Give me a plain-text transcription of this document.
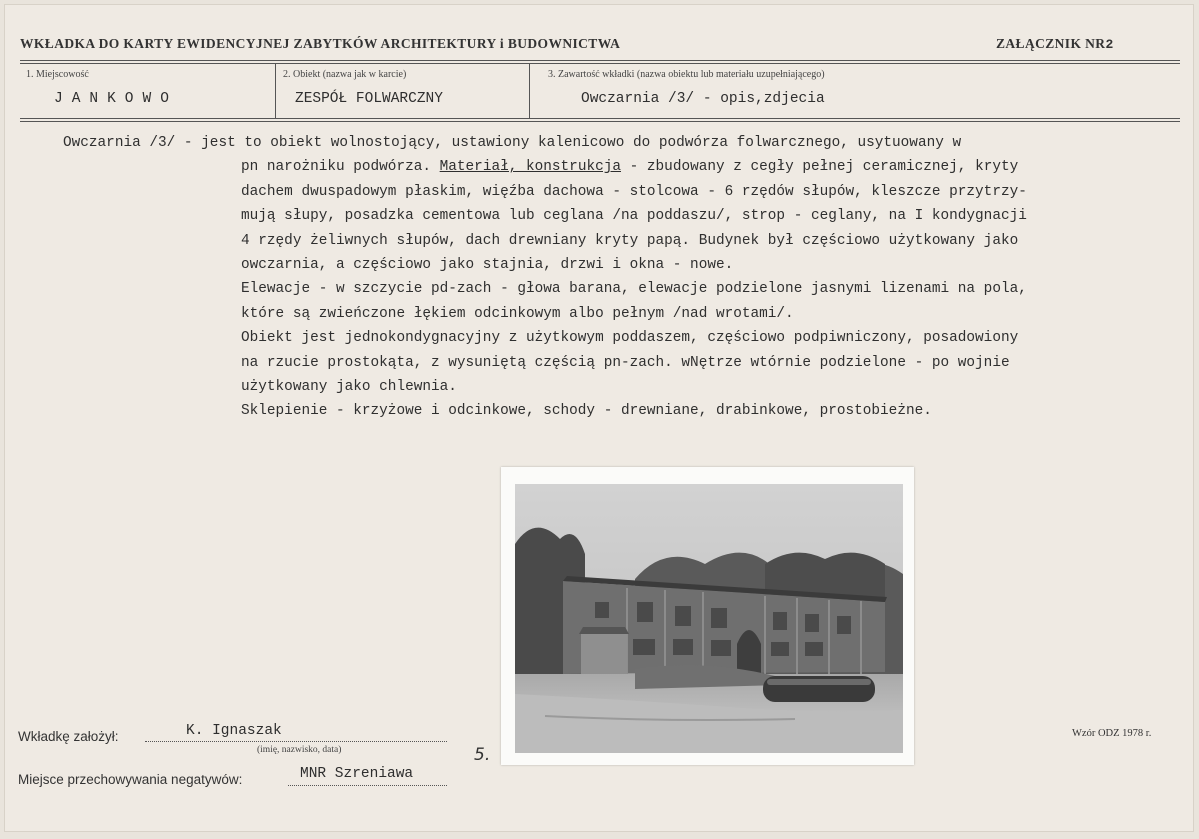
WKŁADKA DO KARTY EWIDENCYJNEJ ZABYTKÓW ARCHITEKTURY i BUDOWNICTWA	ZAŁĄCZNIK NR2
1. Miejscowość
JANKOWO
2. Obiekt (nazwa jak w karcie)
ZESPÓŁ FOLWARCZNY
3. Zawartość wkładki (nazwa obiektu lub materiału uzupełniającego)
Owczarnia /3/ - opis,zdjecia

Owczarnia /3/ - jest to obiekt wolnostojący, ustawiony kalenicowo do podwórza folwarcznego, usytuowany w

pn narożniku podwórza. Materiał, konstrukcja - zbudowany z cegły pełnej ceramicznej, kryty

dachem dwuspadowym płaskim, więźba dachowa - stolcowa - 6 rzędów słupów, kleszcze przytrzy-

mują słupy, posadzka cementowa lub ceglana /na poddaszu/, strop - ceglany, na I kondygnacji

4 rzędy żeliwnych słupów, dach drewniany kryty papą. Budynek był częściowo użytkowany jako

owczarnia, a częściowo jako stajnia, drzwi i okna - nowe.

Elewacje - w szczycie pd-zach - głowa barana, elewacje podzielone jasnymi lizenami na pola,

które są zwieńczone łękiem odcinkowym albo pełnym /nad wrotami/.

Obiekt jest jednokondygnacyjny z użytkowym poddaszem, częściowo podpiwniczony, posadowiony

na rzucie prostokąta, z wysuniętą częścią pn-zach. wNętrze wtórnie podzielone - po wojnie

użytkowany jako chlewnia.

Sklepienie - krzyżowe i odcinkowe, schody - drewniane, drabinkowe, prostobieżne.

Wkładkę założył:	K. Ignaszak
(imię, nazwisko, data)	5.
Miejsce przechowywania negatywów:	MNR Szreniawa
Wzór ODZ 1978 r.
